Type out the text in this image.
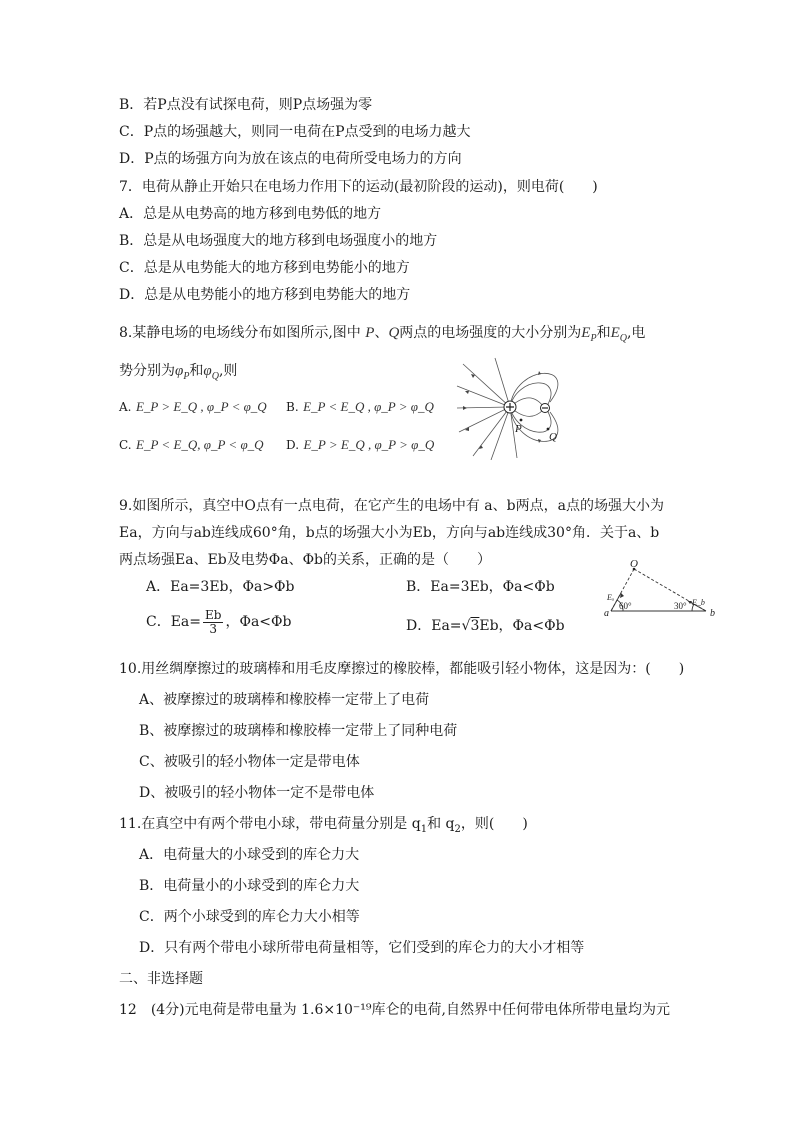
B．若P点没有试探电荷，则P点场强为零
C．P点的场强越大，则同一电荷在P点受到的电场力越大
D．P点的场强方向为放在该点的电荷所受电场力的方向
7．电荷从静止开始只在电场力作用下的运动(最初阶段的运动)，则电荷(　　)
A．总是从电势高的地方移到电势低的地方
B．总是从电场强度大的地方移到电场强度小的地方
C．总是从电势能大的地方移到电势能小的地方
D．总是从电势能小的地方移到电势能大的地方
8.某静电场的电场线分布如图所示,图中 P、Q两点的电场强度的大小分别为$E_P$和$E_Q$,电
势分别为$\varphi_P$和$\varphi_Q$,则
A. E_P > E_Q , φ_P < φ_Q B. E_P < E_Q , φ_P > φ_Q
C. E_P < E_Q, φ_P < φ_Q D. E_P > E_Q , φ_P > φ_Q
P
Q
9.如图所示，真空中O点有一点电荷，在它产生的电场中有 a、b两点，a点的场强大小为
Ea，方向与ab连线成60°角，b点的场强大小为Eb，方向与ab连线成30°角．关于a、b
两点场强Ea、Eb及电势Φa、Φb的关系，正确的是（　　）
A．Ea=3Eb，Φa>Φb	B．Ea=3Eb，Φa<Φb
C．$Ea= \frac{Eb}{3}$ ，Φa<Φb	D．Ea=√3Eb，Φa<Φb
O
a	b
Eₐ
E_b
60°	30°
10.用丝绸摩擦过的玻璃棒和用毛皮摩擦过的橡胶棒，都能吸引轻小物体，这是因为：(　　)
A、被摩擦过的玻璃棒和橡胶棒一定带上了电荷
B、被摩擦过的玻璃棒和橡胶棒一定带上了同种电荷
C、被吸引的轻小物体一定是带电体
D、被吸引的轻小物体一定不是带电体
11.在真空中有两个带电小球，带电荷量分别是 $q_1$和 $q_2$，则(　　)
A．电荷量大的小球受到的库仑力大
B．电荷量小的小球受到的库仑力大
C．两个小球受到的库仑力大小相等
D．只有两个带电小球所带电荷量相等，它们受到的库仑力的大小才相等
二、非选择题
12　(4分)元电荷是带电量为 1.6×10⁻¹⁹库仑的电荷,自然界中任何带电体所带电量均为元
